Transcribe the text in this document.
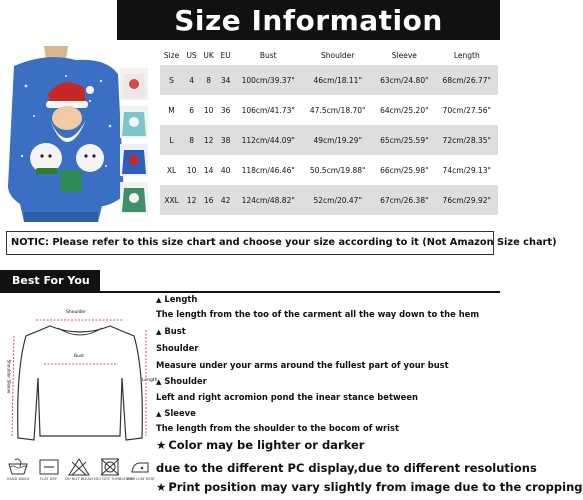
Size Information
Size	US	UK	EU	Bust	Shoulder	Sleeve	Length
S	4	8	34	100cm/39.37"	46cm/18.11"	63cm/24.80"	68cm/26.77"
M	6	10	36	106cm/41.73"	47.5cm/18.70"	64cm/25.20"	70cm/27.56"
L	8	12	38	112cm/44.09"	49cm/19.29"	65cm/25.59"	72cm/28.35"
XL	10	14	40	118cm/46.46"	50.5cm/19.88"	66cm/25.98"	74cm/29.13"
XXL	12	16	42	124cm/48.82"	52cm/20.47"	67cm/26.38"	76cm/29.92"
NOTIC: Please refer to this size chart and choose your size according to it (Not Amazon Size chart)
Best For You
Shoulder
Bust
Length
Shoulder Sleeve
HAND WASH	FLAT DRY	DO NOT BLEACH DO NOT TUMBLE DRY
IRON LOW HEAT
▲ Length
The length from the too of the carment all the way down to the hem
▲ Bust
Shoulder
Measure under your arms around the fullest part of your bust
▲ Shoulder
Left and right acromion pond the inear stance between
▲ Sleeve
The length from the shoulder to the bocom of wrist
★ Color may be lighter or darker
due to the different PC display,due to different resolutions
★ Print position may vary slightly from image due to the cropping
